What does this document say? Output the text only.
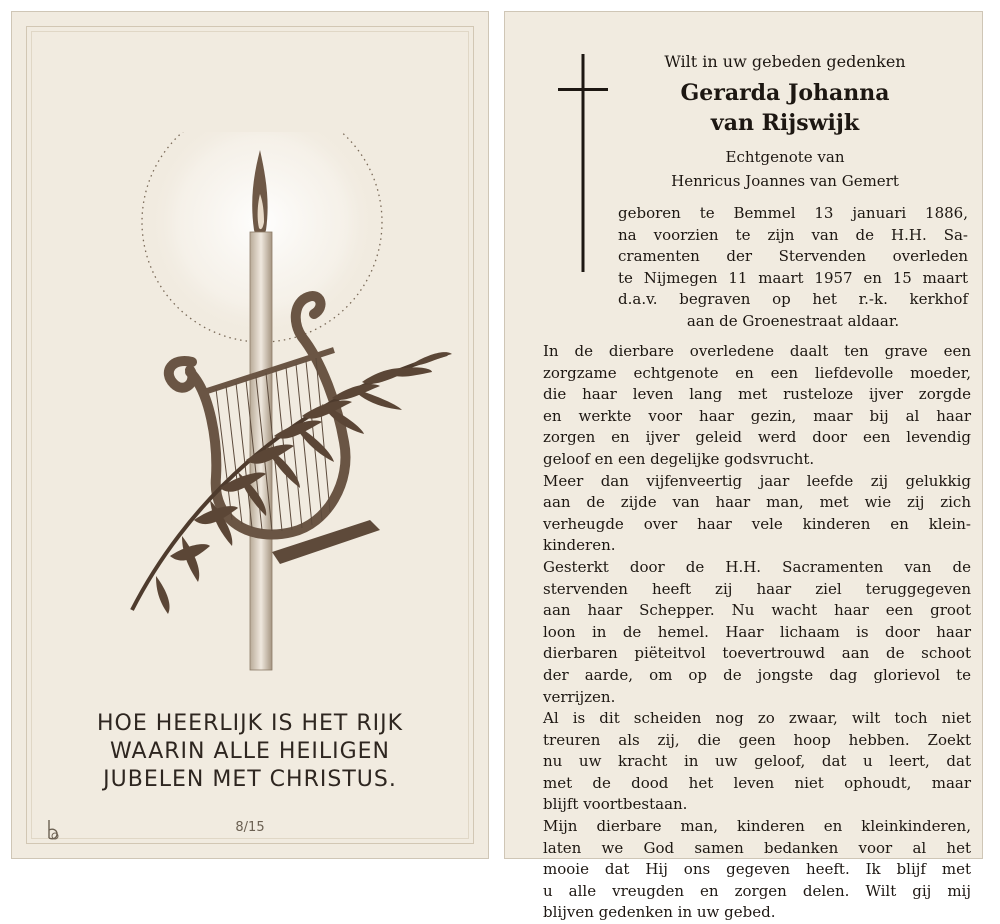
HOE HEERLIJK IS HET RIJK
WAARIN ALLE HEILIGEN
JUBELEN MET CHRISTUS.
8/15
Wilt in uw gebeden gedenken
Gerarda Johanna
van Rijswijk
Echtgenote van
Henricus Joannes van Gemert
geboren te Bemmel 13 januari 1886,
na voorzien te zijn van de H.H. Sa-
cramenten der Stervenden overleden
te Nijmegen 11 maart 1957 en 15 maart
d.a.v. begraven op het r.-k. kerkhof
aan de Groenestraat aldaar.
In de dierbare overledene daalt ten grave een
zorgzame echtgenote en een liefdevolle moeder,
die haar leven lang met rusteloze ijver zorgde
en werkte voor haar gezin, maar bij al haar
zorgen en ijver geleid werd door een levendig
geloof en een degelijke godsvrucht.
Meer dan vijfenveertig jaar leefde zij gelukkig
aan de zijde van haar man, met wie zij zich
verheugde over haar vele kinderen en klein-
kinderen.
Gesterkt door de H.H. Sacramenten van de
stervenden heeft zij haar ziel teruggegeven
aan haar Schepper. Nu wacht haar een groot
loon in de hemel. Haar lichaam is door haar
dierbaren piëteitvol toevertrouwd aan de schoot
der aarde, om op de jongste dag glorievol te
verrijzen.
Al is dit scheiden nog zo zwaar, wilt toch niet
treuren als zij, die geen hoop hebben. Zoekt
nu uw kracht in uw geloof, dat u leert, dat
met de dood het leven niet ophoudt, maar
blijft voortbestaan.
Mijn dierbare man, kinderen en kleinkinderen,
laten we God samen bedanken voor al het
mooie dat Hij ons gegeven heeft. Ik blijf met
u alle vreugden en zorgen delen. Wilt gij mij
blijven gedenken in uw gebed.
